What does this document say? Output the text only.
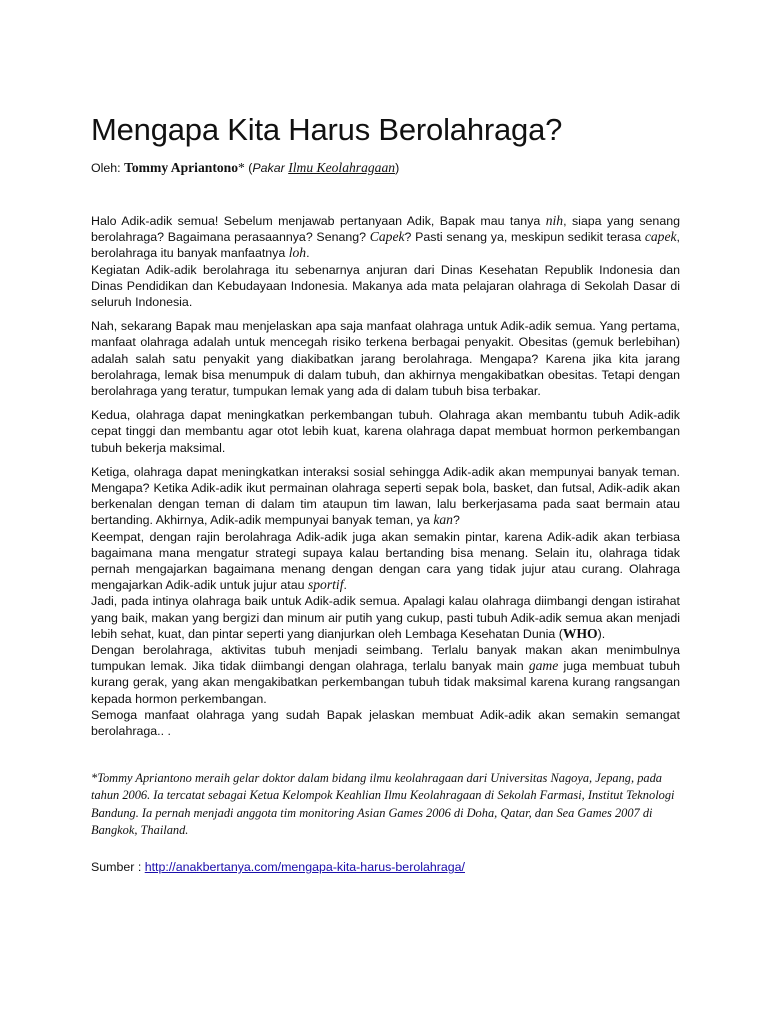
Mengapa Kita Harus Berolahraga?
Oleh: Tommy Apriantono* (Pakar Ilmu Keolahragaan)

Halo Adik-adik semua! Sebelum menjawab pertanyaan Adik, Bapak mau tanya nih, siapa yang senang berolahraga? Bagaimana perasaannya? Senang? Capek? Pasti senang ya, meskipun sedikit terasa capek, berolahraga itu banyak manfaatnya loh.

Kegiatan Adik-adik berolahraga itu sebenarnya anjuran dari Dinas Kesehatan Republik Indonesia dan Dinas Pendidikan dan Kebudayaan Indonesia. Makanya ada mata pelajaran olahraga di Sekolah Dasar di seluruh Indonesia.

Nah, sekarang Bapak mau menjelaskan apa saja manfaat olahraga untuk Adik-adik semua. Yang pertama, manfaat olahraga adalah untuk mencegah risiko terkena berbagai penyakit. Obesitas (gemuk berlebihan) adalah salah satu penyakit yang diakibatkan jarang berolahraga. Mengapa? Karena jika kita jarang berolahraga, lemak bisa menumpuk di dalam tubuh, dan akhirnya mengakibatkan obesitas. Tetapi dengan berolahraga yang teratur, tumpukan lemak yang ada di dalam tubuh bisa terbakar.

Kedua, olahraga dapat meningkatkan perkembangan tubuh. Olahraga akan membantu tubuh Adik-adik cepat tinggi dan membantu agar otot lebih kuat, karena olahraga dapat membuat hormon perkembangan tubuh bekerja maksimal.

Ketiga, olahraga dapat meningkatkan interaksi sosial sehingga Adik-adik akan mempunyai banyak teman. Mengapa? Ketika Adik-adik ikut permainan olahraga seperti sepak bola, basket, dan futsal, Adik-adik akan berkenalan dengan teman di dalam tim ataupun tim lawan, lalu berkerjasama pada saat bermain atau bertanding. Akhirnya, Adik-adik mempunyai banyak teman, ya kan?

Keempat, dengan rajin berolahraga Adik-adik juga akan semakin pintar, karena Adik-adik akan terbiasa bagaimana mana mengatur strategi supaya kalau bertanding bisa menang. Selain itu, olahraga tidak pernah mengajarkan bagaimana menang dengan dengan cara yang tidak jujur atau curang. Olahraga mengajarkan Adik-adik untuk jujur atau sportif.

Jadi, pada intinya olahraga baik untuk Adik-adik semua. Apalagi kalau olahraga diimbangi dengan istirahat yang baik, makan yang bergizi dan minum air putih yang cukup, pasti tubuh Adik-adik semua akan menjadi lebih sehat, kuat, dan pintar seperti yang dianjurkan oleh Lembaga Kesehatan Dunia (WHO).

Dengan berolahraga, aktivitas tubuh menjadi seimbang. Terlalu banyak makan akan menimbulnya tumpukan lemak. Jika tidak diimbangi dengan olahraga, terlalu banyak main game juga membuat tubuh kurang gerak, yang akan mengakibatkan perkembangan tubuh tidak maksimal karena kurang rangsangan kepada hormon perkembangan.

Semoga manfaat olahraga yang sudah Bapak jelaskan membuat Adik-adik akan semakin semangat berolahraga.. .

*Tommy Apriantono meraih gelar doktor dalam bidang ilmu keolahragaan dari Universitas Nagoya, Jepang, pada tahun 2006. Ia tercatat sebagai Ketua Kelompok Keahlian Ilmu Keolahragaan di Sekolah Farmasi, Institut Teknologi Bandung. Ia pernah menjadi anggota tim monitoring Asian Games 2006 di Doha, Qatar, dan Sea Games 2007 di Bangkok, Thailand.

Sumber : http://anakbertanya.com/mengapa-kita-harus-berolahraga/
